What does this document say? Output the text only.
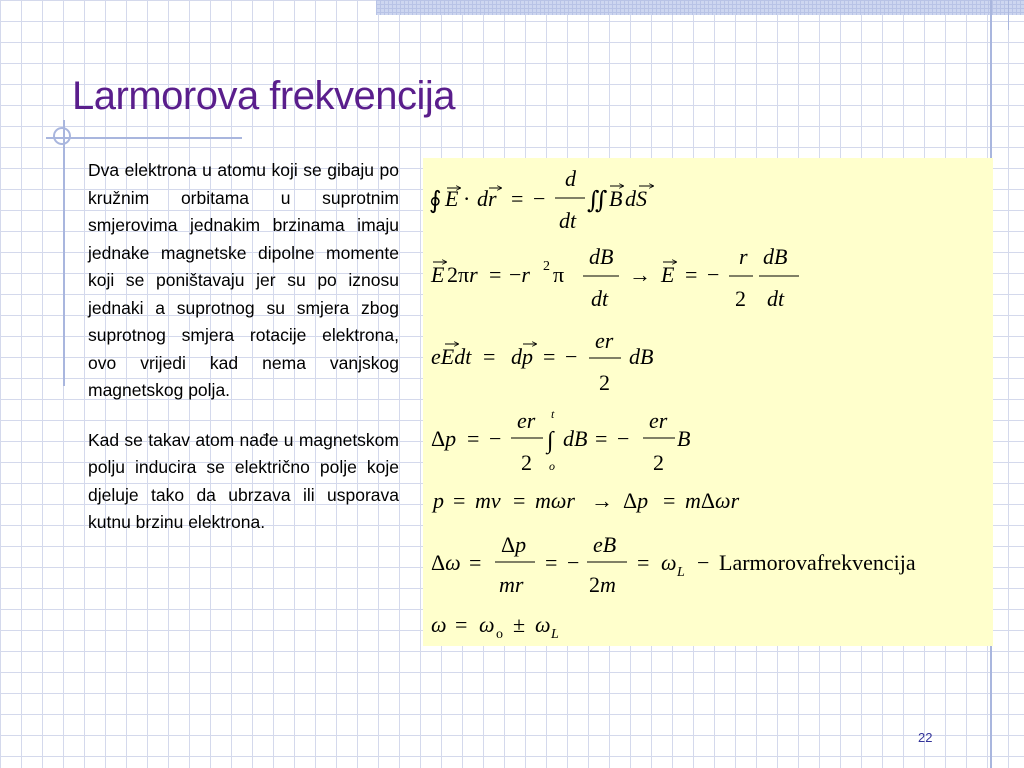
Larmorova frekvencija

Dva elektrona u atomu koji se gibaju po kružnim orbitama u suprotnim smjerovima jednakim brzinama imaju jednake magnetske dipolne momente koji se poništavaju jer su po iznosu jednaki a suprotnog su smjera zbog suprotnog smjera rotacije elektrona, ovo vrijedi kad nema vanjskog magnetskog polja.

Kad se takav atom nađe u magnetskom polju inducira se električno polje koje djeluje tako da ubrzava ili usporava kutnu brzinu elektrona.

∮ E · dr = −
d
dt
∬ B dS
E 2πr = −r 2 π
dB
dt
→ E = −
r
2
dB
dt
eEdt = dp = −
er
2
dB
Δp = −
er
2
t
∫
o
dB = −
er
2
B
p = mv = mωr → Δp = mΔωr
Δω =
Δp
mr
= −
eB
2m
= ω L − Larmorovafrekvencija
ω = ω o ± ω L
22
